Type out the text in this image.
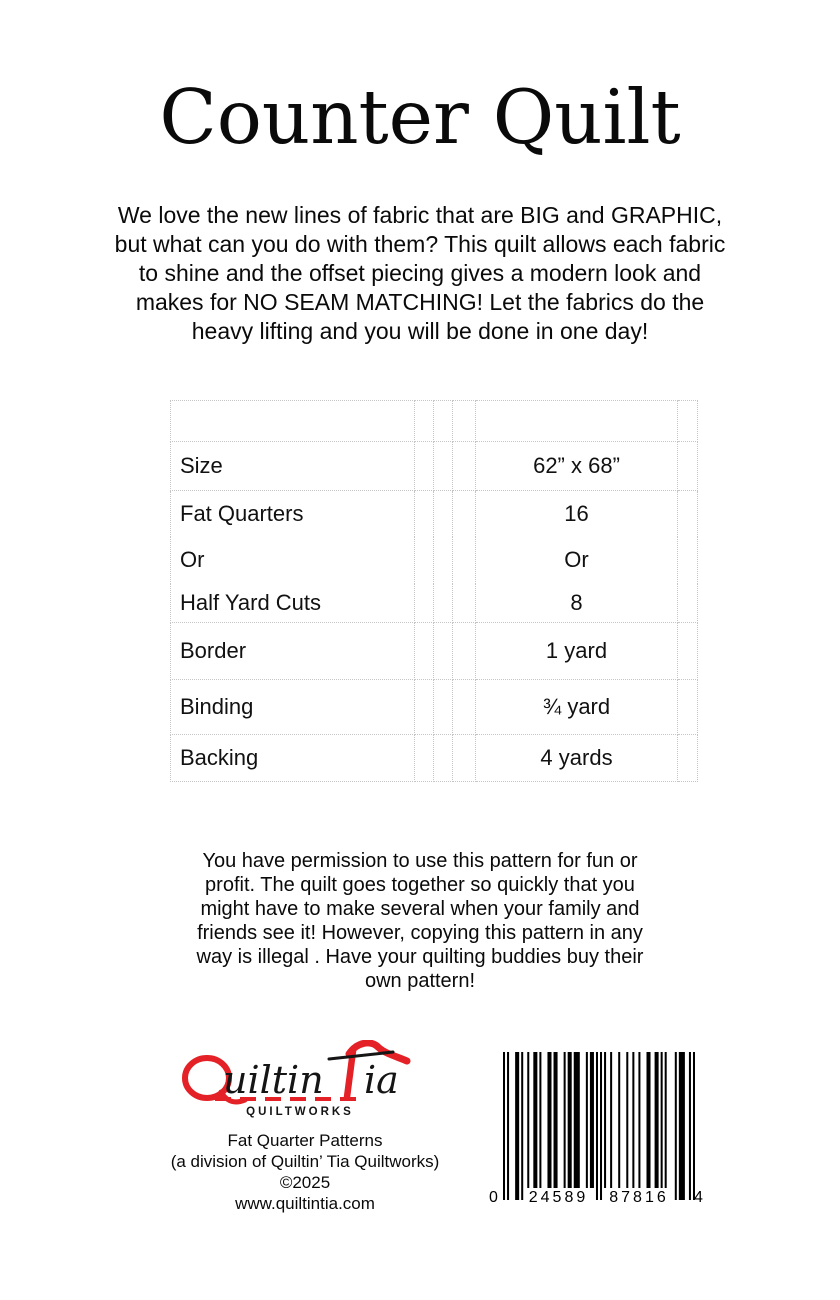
Counter Quilt
We love the new lines of fabric that are BIG and GRAPHIC,
but what can you do with them? This quilt allows each fabric
to shine and the offset piecing gives a modern look and
makes for NO SEAM MATCHING! Let the fabrics do the
heavy lifting and you will be done in one day!

Size				62” x 68”	
Fat Quarters				16	
Or				Or	
Half Yard Cuts				8	
Border				1 yard	
Binding				¾ yard	
Backing				4 yards	
You have permission to use this pattern for fun or
profit. The quilt goes together so quickly that you
might have to make several when your family and
friends see it! However, copying this pattern in any
way is illegal . Have your quilting buddies buy their
own pattern!
uiltin ia
QUILTWORKS
Fat Quarter Patterns
(a division of Quiltin’ Tia Quiltworks)
©2025
www.quiltintia.com	0	24589	87816	4
